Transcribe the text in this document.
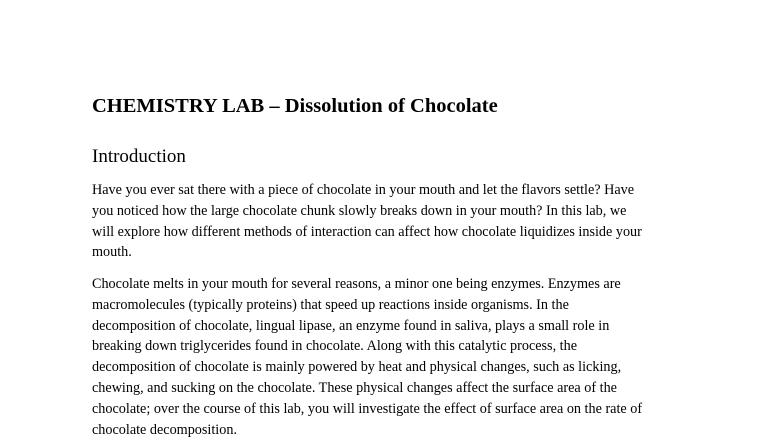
CHEMISTRY LAB – Dissolution of Chocolate
Introduction

Have you ever sat there with a piece of chocolate in your mouth and let the flavors settle? Have
you noticed how the large chocolate chunk slowly breaks down in your mouth? In this lab, we
will explore how different methods of interaction can affect how chocolate liquidizes inside your
mouth.

Chocolate melts in your mouth for several reasons, a minor one being enzymes. Enzymes are
macromolecules (typically proteins) that speed up reactions inside organisms. In the
decomposition of chocolate, lingual lipase, an enzyme found in saliva, plays a small role in
breaking down triglycerides found in chocolate. Along with this catalytic process, the
decomposition of chocolate is mainly powered by heat and physical changes, such as licking,
chewing, and sucking on the chocolate. These physical changes affect the surface area of the
chocolate; over the course of this lab, you will investigate the effect of surface area on the rate of
chocolate decomposition.
